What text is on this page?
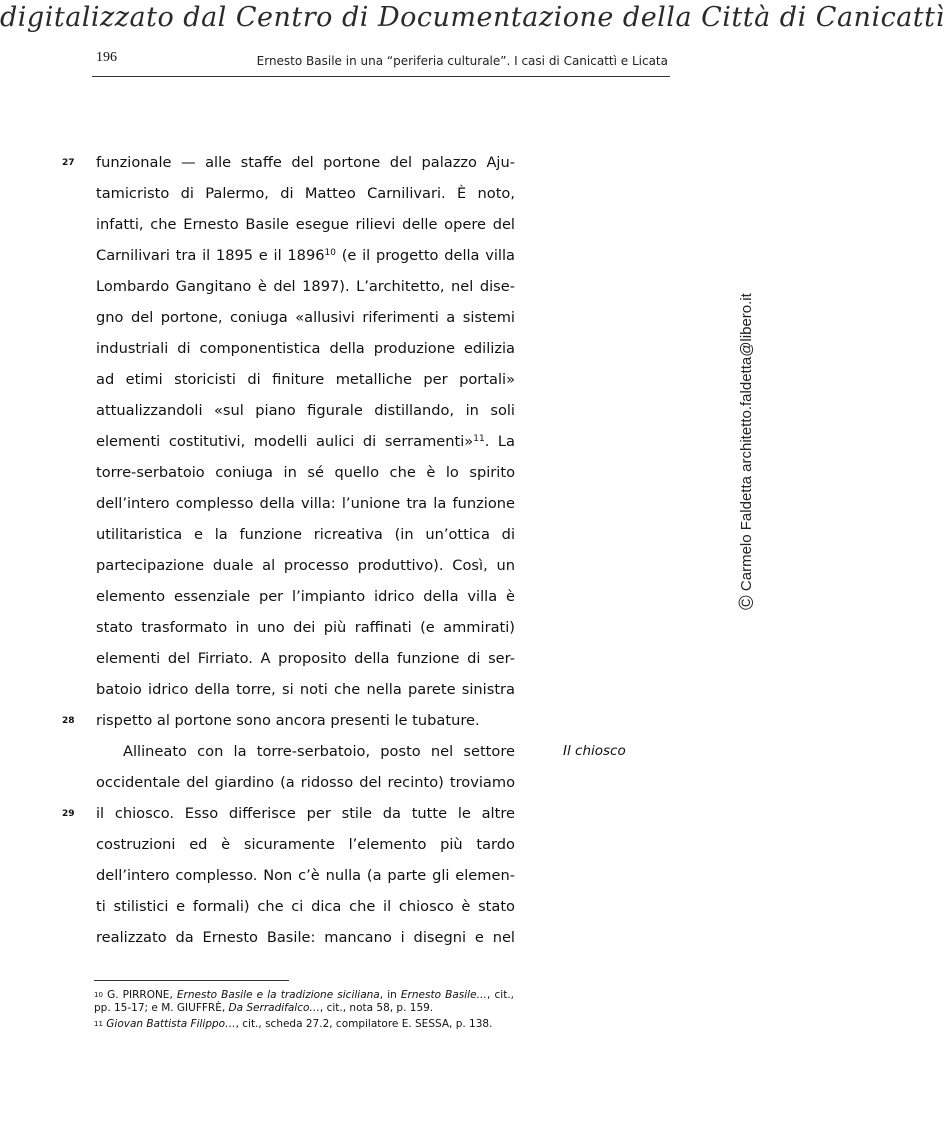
digitalizzato dal Centro di Documentazione della Città di Canicattì
196	Ernesto Basile in una “periferia culturale”. I casi di Canicattì e Licata
27
28
29
Il chiosco
© Carmelo Faldetta architetto.faldetta@libero.it
funzionale — alle staffe del portone del palazzo Aju-
tamicristo di Palermo, di Matteo Carnilivari. È noto,
infatti, che Ernesto Basile esegue rilievi delle opere del
Carnilivari tra il 1895 e il 1896$^{10}$ (e il progetto della villa
Lombardo Gangitano è del 1897). L’architetto, nel dise-
gno del portone, coniuga «allusivi riferimenti a sistemi
industriali di componentistica della produzione edilizia
ad etimi storicisti di finiture metalliche per portali»
attualizzandoli «sul piano figurale distillando, in soli
elementi costitutivi, modelli aulici di serramenti»$^{11}$. La
torre-serbatoio coniuga in sé quello che è lo spirito
dell’intero complesso della villa: l’unione tra la funzione
utilitaristica e la funzione ricreativa (in un’ottica di
partecipazione duale al processo produttivo). Così, un
elemento essenziale per l’impianto idrico della villa è
stato trasformato in uno dei più raffinati (e ammirati)
elementi del Firriato. A proposito della funzione di ser-
batoio idrico della torre, si noti che nella parete sinistra
rispetto al portone sono ancora presenti le tubature.
Allineato con la torre-serbatoio, posto nel settore
occidentale del giardino (a ridosso del recinto) troviamo
il chiosco. Esso differisce per stile da tutte le altre
costruzioni ed è sicuramente l’elemento più tardo
dell’intero complesso. Non c’è nulla (a parte gli elemen-
ti stilistici e formali) che ci dica che il chiosco è stato
realizzato da Ernesto Basile: mancano i disegni e nel

$^{10}$ G. PIRRONE, Ernesto Basile e la tradizione siciliana, in Ernesto Basile…, cit., pp. 15-17; e M. GIUFFRÈ, Da Serradifalco…, cit., nota 58, p. 159.

$^{11}$ Giovan Battista Filippo…, cit., scheda 27.2, compilatore E. SESSA, p. 138.
